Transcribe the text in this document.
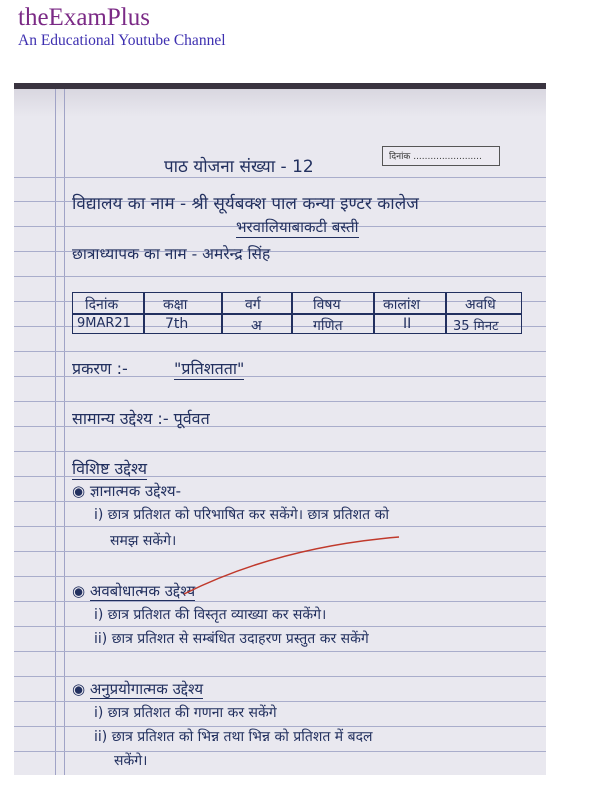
theExamPlus
An Educational Youtube Channel
दिनांक ........................
पाठ योजना संख्या - 12
विद्यालय का नाम - श्री सूर्यबक्श पाल कन्या इण्टर कालेज
भरवालियाबाकटी बस्ती
छात्राध्यापक का नाम - अमरेन्द्र सिंह
दिनांक	कक्षा	वर्ग	विषय	कालांश	अवधि
9MAR21 7th	अ	गणित	II	35 मिनट
प्रकरण :-	"प्रतिशतता"
सामान्य उद्देश्य :- पूर्ववत
विशिष्ट उद्देश्य
◉ ज्ञानात्मक उद्देश्य-
i) छात्र प्रतिशत को परिभाषित कर सकेंगे। छात्र प्रतिशत को
समझ सकेंगे।
◉ अवबोधात्मक उद्देश्य
i) छात्र प्रतिशत की विस्तृत व्याख्या कर सकेंगे।
ii) छात्र प्रतिशत से सम्बंधित उदाहरण प्रस्तुत कर सकेंगे
◉ अनुप्रयोगात्मक उद्देश्य
i) छात्र प्रतिशत की गणना कर सकेंगे
ii) छात्र प्रतिशत को भिन्न तथा भिन्न को प्रतिशत में बदल
सकेंगे।
